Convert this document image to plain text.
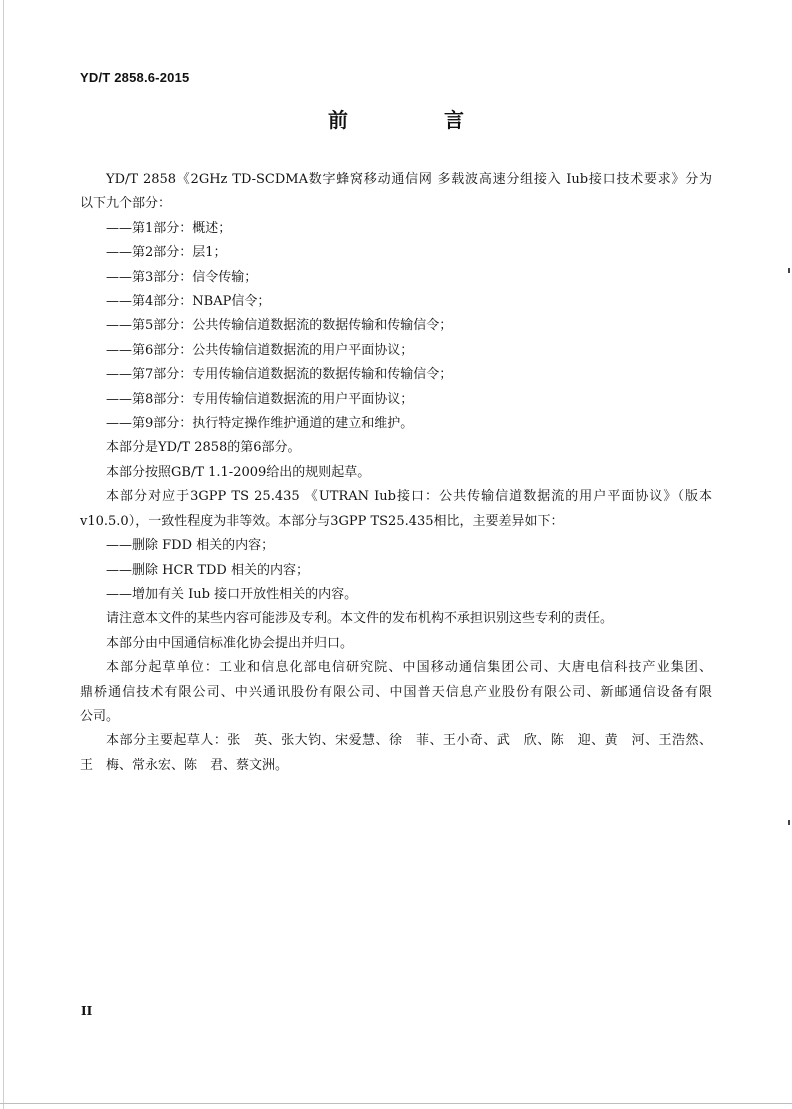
YD/T 2858.6-2015
前　言

YD/T 2858《2GHz TD-SCDMA数字蜂窝移动通信网 多载波高速分组接入 Iub接口技术要求》分为

以下九个部分：

——第1部分：概述；

——第2部分：层1；

——第3部分：信令传输；

——第4部分：NBAP信令；

——第5部分：公共传输信道数据流的数据传输和传输信令；

——第6部分：公共传输信道数据流的用户平面协议；

——第7部分：专用传输信道数据流的数据传输和传输信令；

——第8部分：专用传输信道数据流的用户平面协议；

——第9部分：执行特定操作维护通道的建立和维护。

本部分是YD/T 2858的第6部分。

本部分按照GB/T 1.1-2009给出的规则起草。

本部分对应于3GPP TS 25.435 《UTRAN Iub接口：公共传输信道数据流的用户平面协议》（版本

v10.5.0），一致性程度为非等效。本部分与3GPP TS25.435相比，主要差异如下：

——删除 FDD 相关的内容；

——删除 HCR TDD 相关的内容；

——增加有关 Iub 接口开放性相关的内容。

请注意本文件的某些内容可能涉及专利。本文件的发布机构不承担识别这些专利的责任。

本部分由中国通信标准化协会提出并归口。

本部分起草单位：工业和信息化部电信研究院、中国移动通信集团公司、大唐电信科技产业集团、

鼎桥通信技术有限公司、中兴通讯股份有限公司、中国普天信息产业股份有限公司、新邮通信设备有限

公司。

本部分主要起草人：张　英、张大钧、宋爱慧、徐　菲、王小奇、武　欣、陈　迎、黄　河、王浩然、

王　梅、常永宏、陈　君、蔡文洲。

II
